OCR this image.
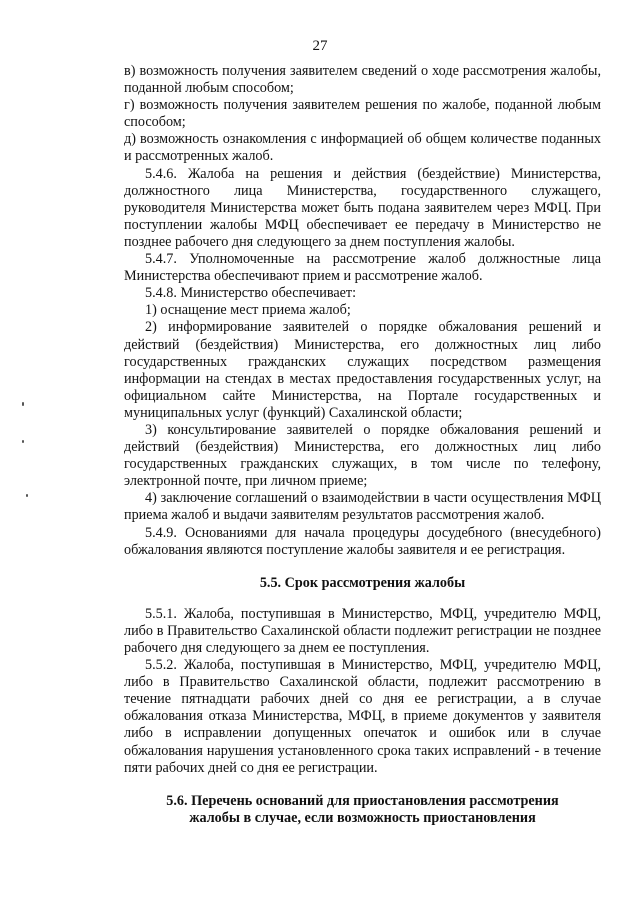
27

в) возможность получения заявителем сведений о ходе рассмотрения жалобы, поданной любым способом;

г) возможность получения заявителем решения по жалобе, поданной любым способом;

д) возможность ознакомления с информацией об общем количестве поданных и рассмотренных жалоб.

5.4.6. Жалоба на решения и действия (бездействие) Министерства, должностного лица Министерства, государственного служащего, руководителя Министерства может быть подана заявителем через МФЦ. При поступлении жалобы МФЦ обеспечивает ее передачу в Министерство не позднее рабочего дня следующего за днем поступления жалобы.

5.4.7. Уполномоченные на рассмотрение жалоб должностные лица Министерства обеспечивают прием и рассмотрение жалоб.

5.4.8. Министерство обеспечивает:

1) оснащение мест приема жалоб;

2) информирование заявителей о порядке обжалования решений и действий (бездействия) Министерства, его должностных лиц либо государственных гражданских служащих посредством размещения информации на стендах в местах предоставления государственных услуг, на официальном сайте Министерства, на Портале государственных и муниципальных услуг (функций) Сахалинской области;

3) консультирование заявителей о порядке обжалования решений и действий (бездействия) Министерства, его должностных лиц либо государственных гражданских служащих, в том числе по телефону, электронной почте, при личном приеме;

4) заключение соглашений о взаимодействии в части осуществления МФЦ приема жалоб и выдачи заявителям результатов рассмотрения жалоб.

5.4.9. Основаниями для начала процедуры досудебного (внесудебного) обжалования являются поступление жалобы заявителя и ее регистрация.

5.5. Срок рассмотрения жалобы

5.5.1. Жалоба, поступившая в Министерство, МФЦ, учредителю МФЦ, либо в Правительство Сахалинской области подлежит регистрации не позднее рабочего дня следующего за днем ее поступления.

5.5.2. Жалоба, поступившая в Министерство, МФЦ, учредителю МФЦ, либо в Правительство Сахалинской области, подлежит рассмотрению в течение пятнадцати рабочих дней со дня ее регистрации, а в случае обжалования отказа Министерства, МФЦ, в приеме документов у заявителя либо в исправлении допущенных опечаток и ошибок или в случае обжалования нарушения установленного срока таких исправлений - в течение пяти рабочих дней со дня ее регистрации.

5.6. Перечень оснований для приостановления рассмотрения

жалобы в случае, если возможность приостановления
